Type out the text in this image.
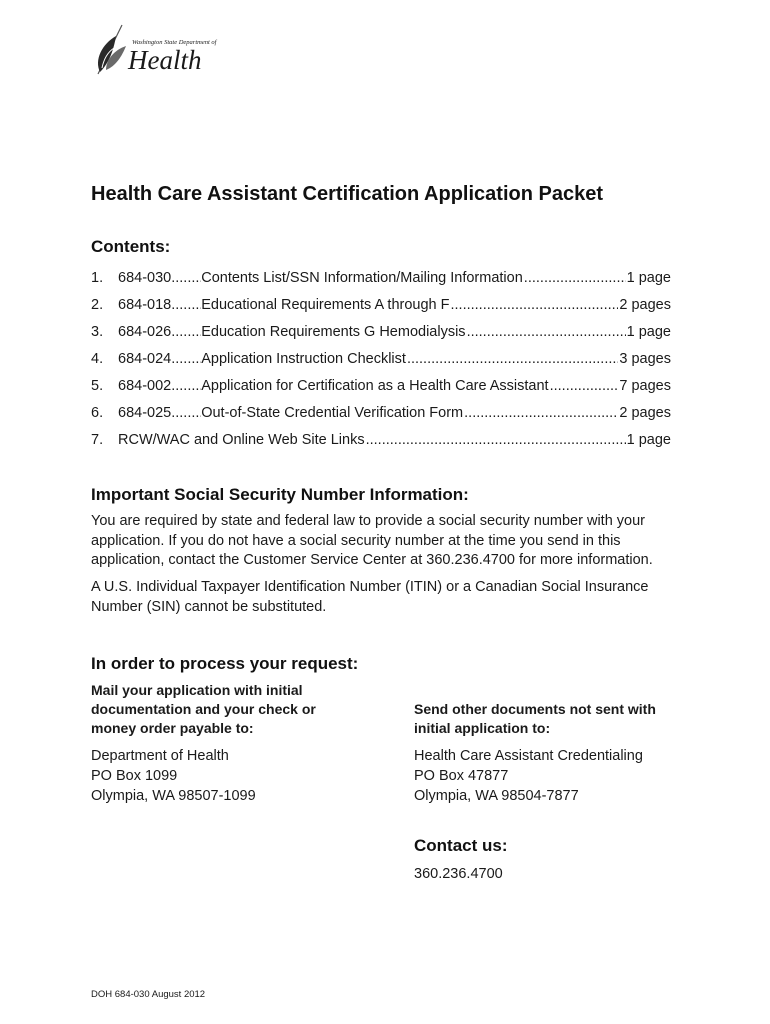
Washington State Department of
Health
Health Care Assistant Certification Application Packet
Contents:
1.	684-030 ..... Contents List/SSN Information/Mailing Information .....	1 page
2.	684-018 ..... Educational Requirements A through F .....	2 pages
3.	684-026 ..... Education Requirements G Hemodialysis .....	1 page
4.	684-024 ..... Application Instruction Checklist .....	3 pages
5.	684-002 ..... Application for Certification as a Health Care Assistant .....	7 pages
6.	684-025 ..... Out-of-State Credential Verification Form .....	2 pages
7.	RCW/WAC and Online Web Site Links .....	1 page
Important Social Security Number Information:

You are required by state and federal law to provide a social security number with your application. If you do not have a social security number at the time you send in this application, contact the Customer Service Center at 360.236.4700 for more information.

A U.S. Individual Taxpayer Identification Number (ITIN) or a Canadian Social Insurance Number (SIN) cannot be substituted.

In order to process your request:

Mail your application with initial documentation and your check or money order payable to:

Department of Health
PO Box 1099
Olympia, WA 98507-1099

Send other documents not sent with initial application to:

Health Care Assistant Credentialing
PO Box 47877
Olympia, WA 98504-7877
Contact us:
360.236.4700
DOH 684-030 August 2012
